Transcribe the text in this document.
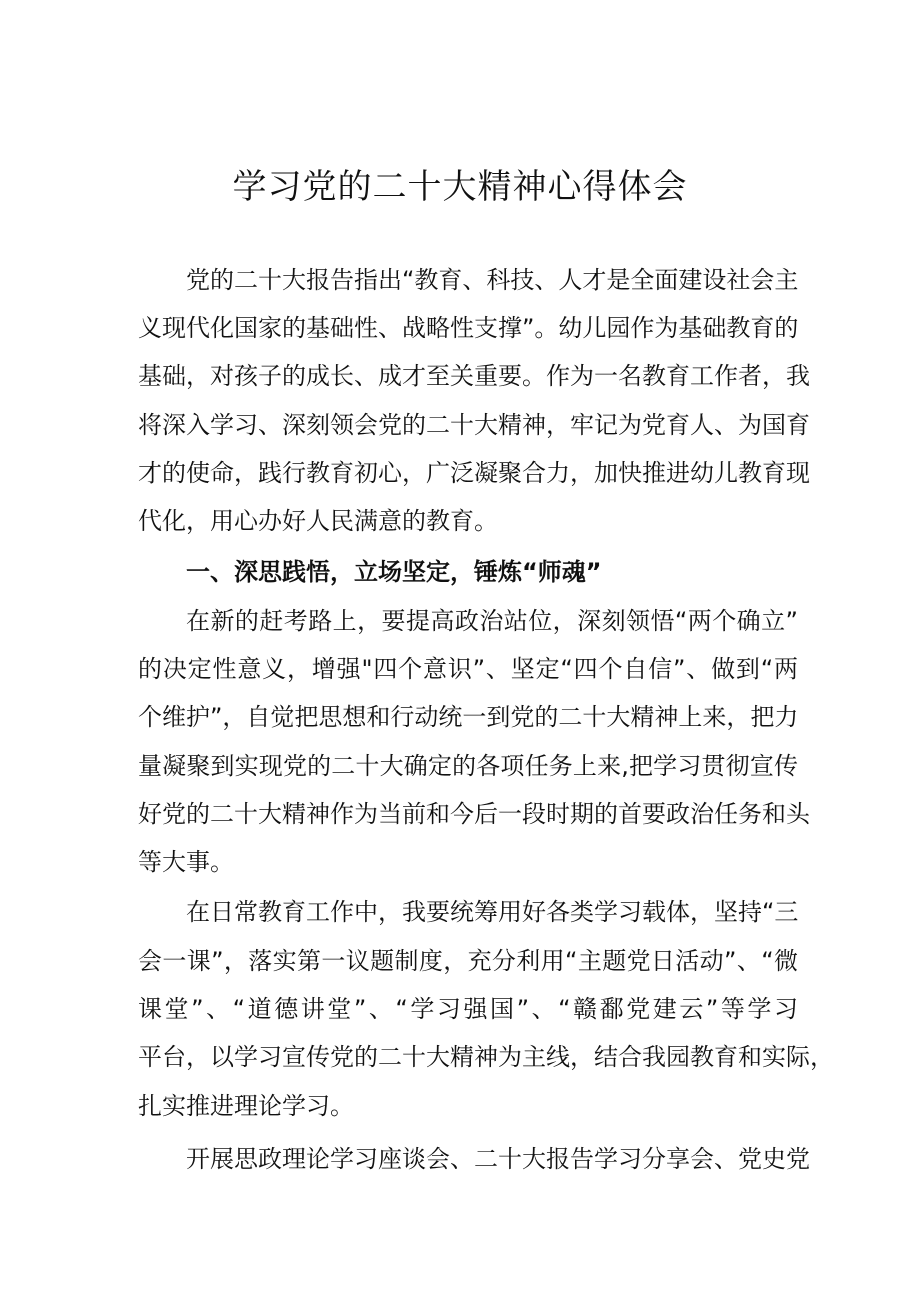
学习党的二十大精神心得体会

党的二十大报告指出“教育、科技、人才是全面建设社会主

义现代化国家的基础性、战略性支撑”。幼儿园作为基础教育的

基础，对孩子的成长、成才至关重要。作为一名教育工作者，我

将深入学习、深刻领会党的二十大精神，牢记为党育人、为国育

才的使命，践行教育初心，广泛凝聚合力，加快推进幼儿教育现

代化，用心办好人民满意的教育。

一、深思践悟，立场坚定，锤炼“师魂”

在新的赶考路上，要提高政治站位，深刻领悟“两个确立”

的决定性意义，增强"四个意识”、坚定“四个自信”、做到“两

个维护”，自觉把思想和行动统一到党的二十大精神上来，把力

量凝聚到实现党的二十大确定的各项任务上来,把学习贯彻宣传

好党的二十大精神作为当前和今后一段时期的首要政治任务和头

等大事。

在日常教育工作中，我要统筹用好各类学习载体，坚持“三

会一课”，落实第一议题制度，充分利用“主题党日活动”、“微

课堂”、“道德讲堂”、“学习强国”、“赣鄱党建云”等学习

平台，以学习宣传党的二十大精神为主线，结合我园教育和实际，

扎实推进理论学习。

开展思政理论学习座谈会、二十大报告学习分享会、党史党
